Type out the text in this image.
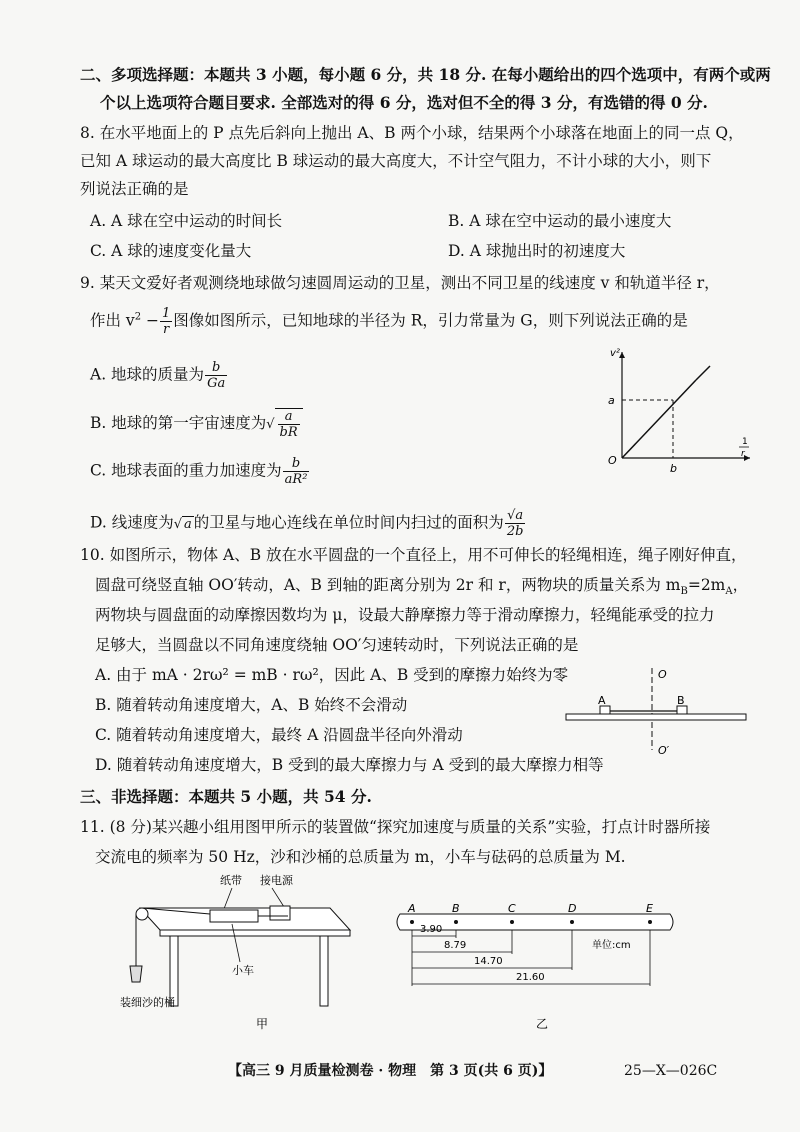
二、多项选择题：本题共 3 小题，每小题 6 分，共 18 分. 在每小题给出的四个选项中，有两个或两
个以上选项符合题目要求. 全部选对的得 6 分，选对但不全的得 3 分，有选错的得 0 分.
8. 在水平地面上的 P 点先后斜向上抛出 A、B 两个小球，结果两个小球落在地面上的同一点 Q，
已知 A 球运动的最大高度比 B 球运动的最大高度大，不计空气阻力，不计小球的大小，则下
列说法正确的是
A. A 球在空中运动的时间长	B. A 球在空中运动的最小速度大
C. A 球的速度变化量大	D. A 球抛出时的初速度大
9. 某天文爱好者观测绕地球做匀速圆周运动的卫星，测出不同卫星的线速度 v 和轨道半径 r，
作出 $v^2 - \frac{1}{r}$ 图像如图所示，已知地球的半径为 R，引力常量为 G，则下列说法正确的是
A. 地球的质量为 $\frac{b}{Ga}$
B. 地球的第一宇宙速度为√ $\frac{a}{bR}$
C. 地球表面的重力加速度为 $\frac{b}{\text{aR²}}$
D. 线速度为√ a 的卫星与地心连线在单位时间内扫过的面积为 $\frac{√a}{2b}$
v²
a
b
O
1
r
10. 如图所示，物体 A、B 放在水平圆盘的一个直径上，用不可伸长的轻绳相连，绳子刚好伸直，
圆盘可绕竖直轴 OO′转动，A、B 到轴的距离分别为 2r 和 r，两物块的质量关系为 $m_B=2m_A$，
两物块与圆盘面的动摩擦因数均为 μ，设最大静摩擦力等于滑动摩擦力，轻绳能承受的拉力
足够大，当圆盘以不同角速度绕轴 OO′匀速转动时，下列说法正确的是
A. 由于 mA · 2rω² = mB · rω²，因此 A、B 受到的摩擦力始终为零
B. 随着转动角速度增大，A、B 始终不会滑动
C. 随着转动角速度增大，最终 A 沿圆盘半径向外滑动
D. 随着转动角速度增大，B 受到的最大摩擦力与 A 受到的最大摩擦力相等
O
O′
A	B
三、非选择题：本题共 5 小题，共 54 分.
11. (8 分)某兴趣小组用图甲所示的装置做“探究加速度与质量的关系”实验，打点计时器所接
交流电的频率为 50 Hz，沙和沙桶的总质量为 m，小车与砝码的总质量为 M.
纸带 接电源
小车
装细沙的桶
甲
A	B	C	D	E
3.90
8.79
14.70
21.60
单位:cm
乙
【高三 9 月质量检测卷 · 物理　第 3 页(共 6 页)】	25—X—026C
